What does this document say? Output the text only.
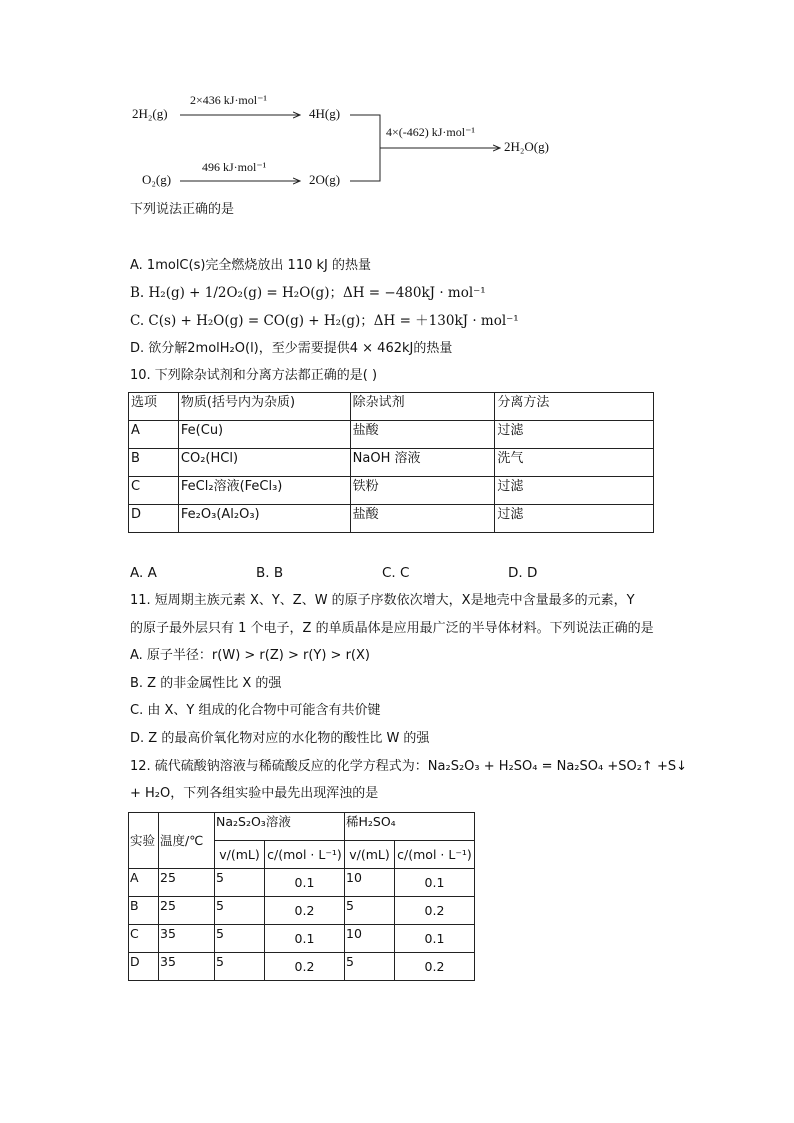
2H₂(g)
2×436 kJ·mol⁻¹
4H(g)
O₂(g)
496 kJ·mol⁻¹
2O(g)
4×(-462) kJ·mol⁻¹
2H₂O(g)
下列说法正确的是
A. 1molC(s)完全燃烧放出 110 kJ 的热量
B. H₂(g) + 1/2O₂(g) = H₂O(g)；ΔH = −480kJ · mol⁻¹
C. C(s) + H₂O(g) = CO(g) + H₂(g)；ΔH = ＋130kJ · mol⁻¹
D. 欲分解2molH₂O(l)，至少需要提供4 × 462kJ的热量
10. 下列除杂试剂和分离方法都正确的是( )
选项	物质(括号内为杂质)	除杂试剂	分离方法
A	Fe(Cu)	盐酸	过滤
B	CO₂(HCl)	NaOH 溶液	洗气
C	FeCl₂溶液(FeCl₃)	铁粉	过滤
D	Fe₂O₃(Al₂O₃)	盐酸	过滤
A. A	B. B	C. C	D. D
11. 短周期主族元素 X、Y、Z、W 的原子序数依次增大，X是地壳中含量最多的元素，Y
的原子最外层只有 1 个电子，Z 的单质晶体是应用最广泛的半导体材料。下列说法正确的是
A. 原子半径：r(W) > r(Z) > r(Y) > r(X)
B. Z 的非金属性比 X 的强
C. 由 X、Y 组成的化合物中可能含有共价键
D. Z 的最高价氧化物对应的水化物的酸性比 W 的强
12. 硫代硫酸钠溶液与稀硫酸反应的化学方程式为：Na₂S₂O₃ + H₂SO₄ = Na₂SO₄ +SO₂↑ +S↓
+ H₂O，下列各组实验中最先出现浑浊的是
实验	温度/℃	Na₂S₂O₃溶液		稀H₂SO₄	
		v/(mL)	c/(mol · L⁻¹)	v/(mL)	c/(mol · L⁻¹)
A	25	5	0.1	10	0.1
B	25	5	0.2	5	0.2
C	35	5	0.1	10	0.1
D	35	5	0.2	5	0.2
